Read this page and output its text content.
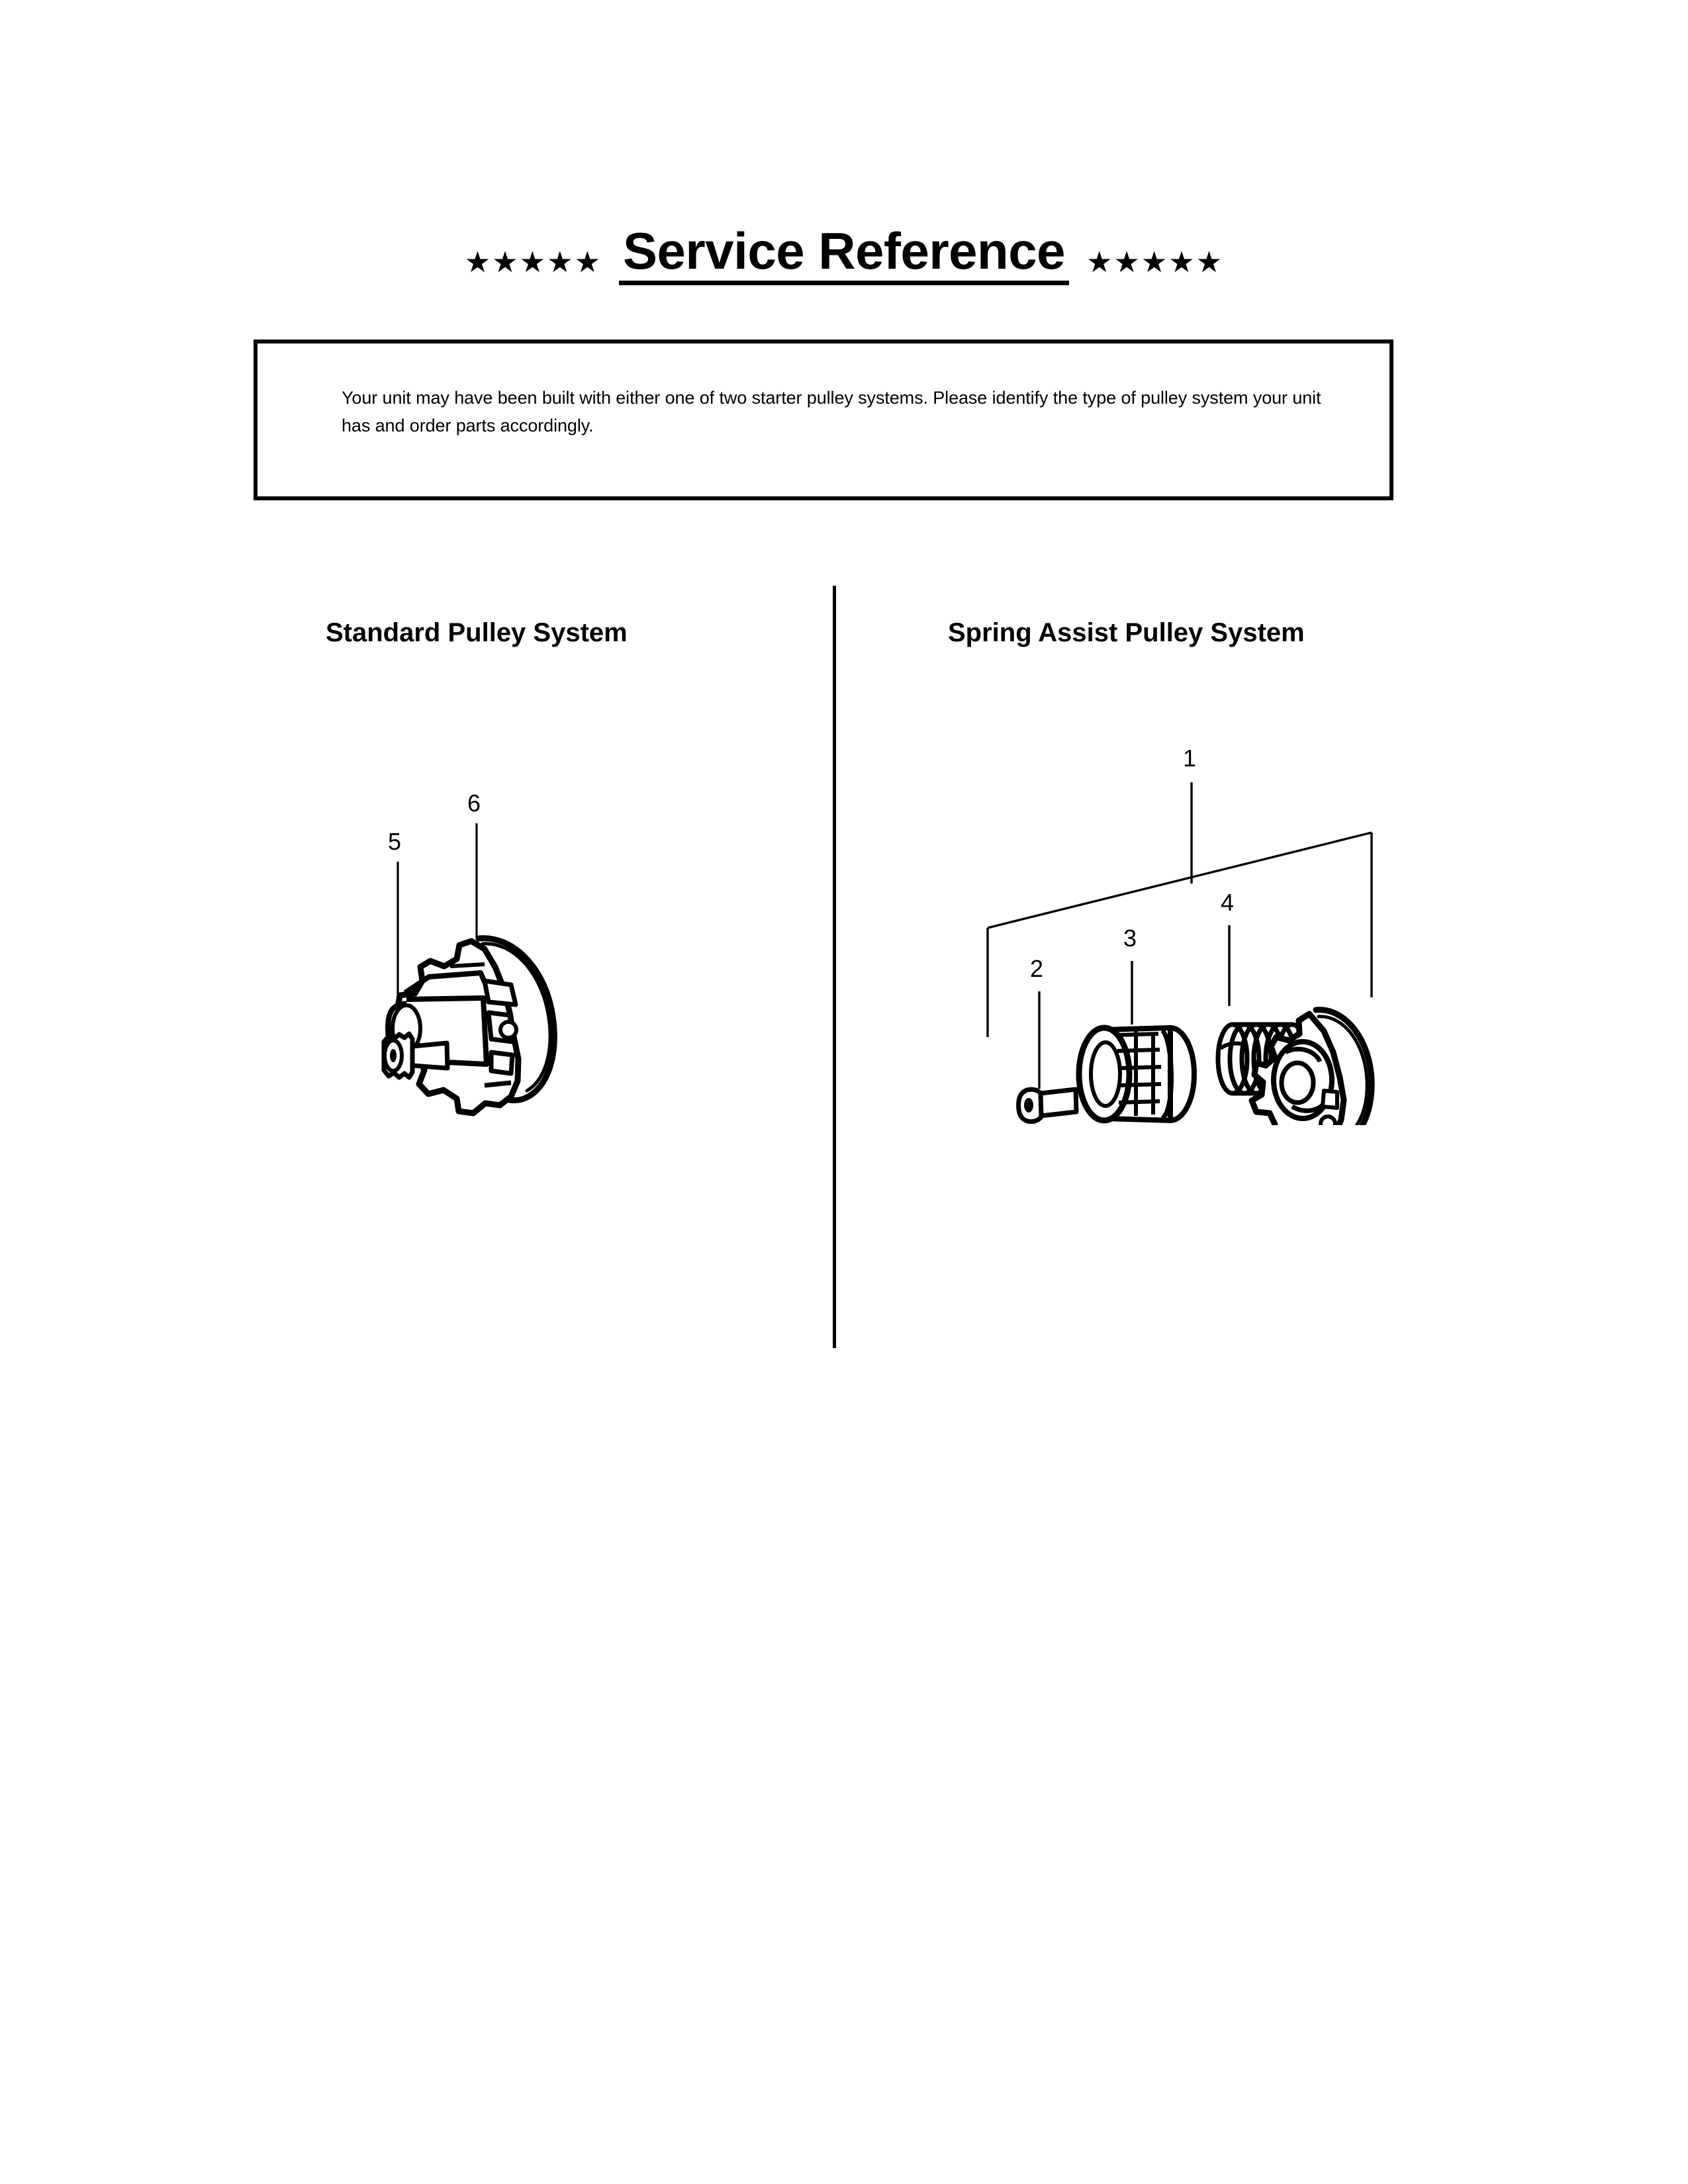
★★★★★ Service Reference ★★★★★
Your unit may have been built with either one of two starter pulley systems. Please identify the type of pulley system your unit has and order parts accordingly.
Standard Pulley System	Spring Assist Pulley System
5
6
1
2
3
4
